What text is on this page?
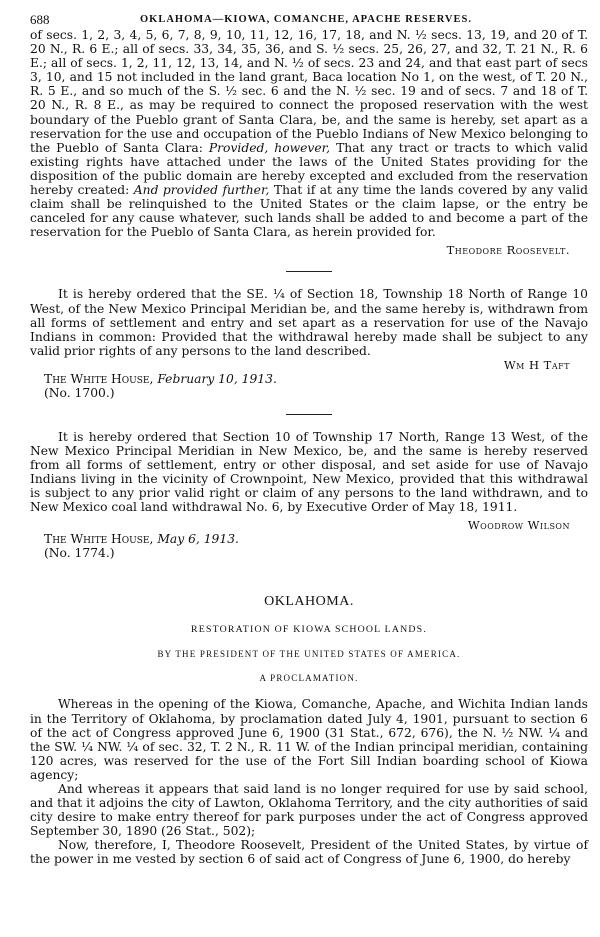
688	OKLAHOMA—KIOWA, COMANCHE, APACHE RESERVES.

of secs. 1, 2, 3, 4, 5, 6, 7, 8, 9, 10, 11, 12, 16, 17, 18, and N. ½ secs. 13, 19, and 20 of T. 20 N., R. 6 E.; all of secs. 33, 34, 35, 36, and S. ½ secs. 25, 26, 27, and 32, T. 21 N., R. 6 E.; all of secs. 1, 2, 11, 12, 13, 14, and N. ½ of secs. 23 and 24, and that east part of secs 3, 10, and 15 not included in the land grant, Baca location No 1, on the west, of T. 20 N., R. 5 E., and so much of the S. ½ sec. 6 and the N. ½ sec. 19 and of secs. 7 and 18 of T. 20 N., R. 8 E., as may be required to connect the proposed reservation with the west boundary of the Pueblo grant of Santa Clara, be, and the same is hereby, set apart as a reservation for the use and occupation of the Pueblo Indians of New Mexico belonging to the Pueblo of Santa Clara: Provided, however, That any tract or tracts to which valid existing rights have attached under the laws of the United States providing for the disposition of the public domain are hereby excepted and excluded from the reservation hereby created: And provided further, That if at any time the lands covered by any valid claim shall be relinquished to the United States or the claim lapse, or the entry be canceled for any cause whatever, such lands shall be added to and become a part of the reservation for the Pueblo of Santa Clara, as herein provided for.

Theodore Roosevelt.

It is hereby ordered that the SE. ¼ of Section 18, Township 18 North of Range 10 West, of the New Mexico Principal Meridian be, and the same hereby is, withdrawn from all forms of settlement and entry and set apart as a reservation for use of the Navajo Indians in common: Provided that the withdrawal hereby made shall be subject to any valid prior rights of any persons to the land described.

Wm H Taft
The White House, February 10, 1913.
(No. 1700.)

It is hereby ordered that Section 10 of Township 17 North, Range 13 West, of the New Mexico Principal Meridian in New Mexico, be, and the same is hereby reserved from all forms of settlement, entry or other disposal, and set aside for use of Navajo Indians living in the vicinity of Crownpoint, New Mexico, provided that this withdrawal is subject to any prior valid right or claim of any persons to the land withdrawn, and to New Mexico coal land withdrawal No. 6, by Executive Order of May 18, 1911.

Woodrow Wilson
The White House, May 6, 1913.
(No. 1774.)
OKLAHOMA.
RESTORATION OF KIOWA SCHOOL LANDS.
BY THE PRESIDENT OF THE UNITED STATES OF AMERICA.
A PROCLAMATION.

Whereas in the opening of the Kiowa, Comanche, Apache, and Wichita Indian lands in the Territory of Oklahoma, by proclamation dated July 4, 1901, pursuant to section 6 of the act of Congress approved June 6, 1900 (31 Stat., 672, 676), the N. ½ NW. ¼ and the SW. ¼ NW. ¼ of sec. 32, T. 2 N., R. 11 W. of the Indian principal meridian, containing 120 acres, was reserved for the use of the Fort Sill Indian boarding school of Kiowa agency;

And whereas it appears that said land is no longer required for use by said school, and that it adjoins the city of Lawton, Oklahoma Territory, and the city authorities of said city desire to make entry thereof for park purposes under the act of Congress approved September 30, 1890 (26 Stat., 502);

Now, therefore, I, Theodore Roosevelt, President of the United States, by virtue of the power in me vested by section 6 of said act of Congress of June 6, 1900, do hereby
